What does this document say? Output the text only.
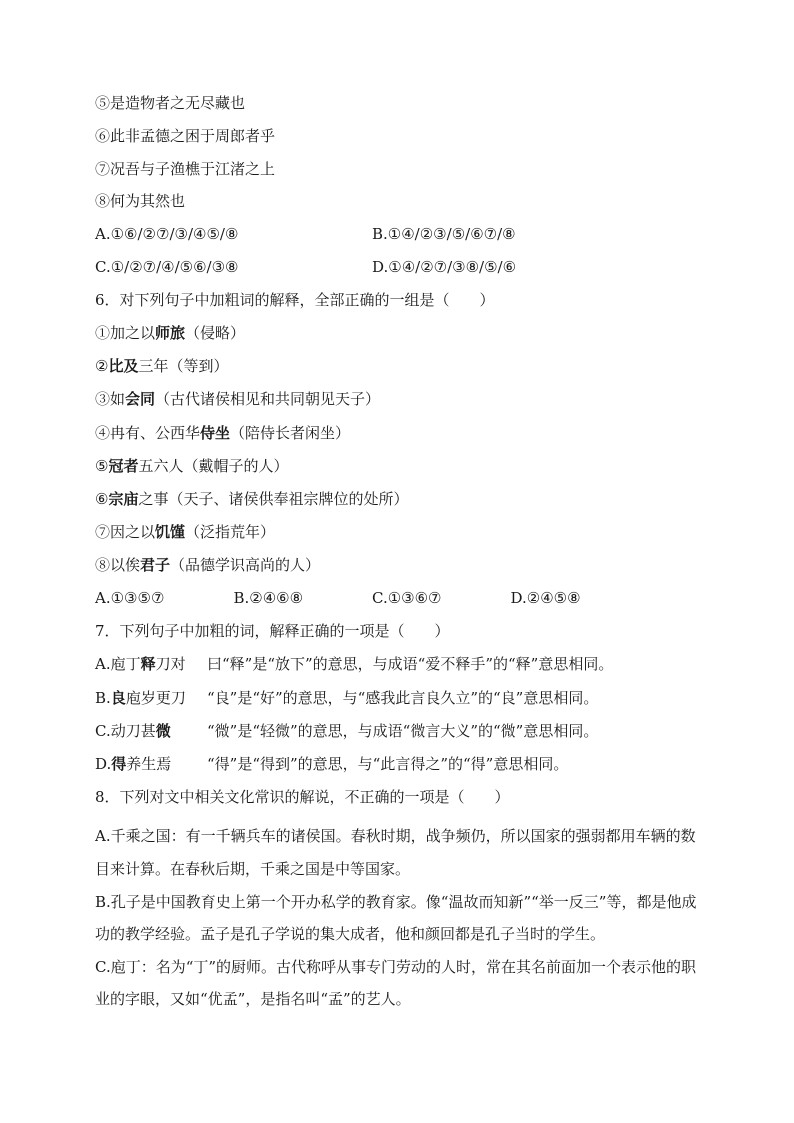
⑤是造物者之无尽藏也
⑥此非孟德之困于周郎者乎
⑦况吾与子渔樵于江渚之上
⑧何为其然也
A.①⑥/②⑦/③/④⑤/⑧	B.①④/②③/⑤/⑥⑦/⑧
C.①/②⑦/④/⑤⑥/③⑧	D.①④/②⑦/③⑧/⑤/⑥
6．对下列句子中加粗词的解释，全部正确的一组是（　　）
①加之以师旅（侵略）
②比及三年（等到）
③如会同（古代诸侯相见和共同朝见天子）
④冉有、公西华侍坐（陪侍长者闲坐）
⑤冠者五六人（戴帽子的人）
⑥宗庙之事（天子、诸侯供奉祖宗牌位的处所）
⑦因之以饥馑（泛指荒年）
⑧以俟君子（品德学识高尚的人）
A.①③⑤⑦	B.②④⑥⑧	C.①③⑥⑦	D.②④⑤⑧
7．下列句子中加粗的词，解释正确的一项是（　　）
A.庖丁释刀对	曰“释”是“放下”的意思，与成语“爱不释手”的“释”意思相同。
B.良庖岁更刀	“良”是“好”的意思，与“感我此言良久立”的“良”意思相同。
C.动刀甚微	“微”是“轻微”的意思，与成语“微言大义”的“微”意思相同。
D.得养生焉	“得”是“得到”的意思，与“此言得之”的“得”意思相同。
8．下列对文中相关文化常识的解说，不正确的一项是（　　）
A.千乘之国：有一千辆兵车的诸侯国。春秋时期，战争频仍，所以国家的强弱都用车辆的数目来计算。在春秋后期，千乘之国是中等国家。
B.孔子是中国教育史上第一个开办私学的教育家。像“温故而知新”“举一反三”等，都是他成功的教学经验。孟子是孔子学说的集大成者，他和颜回都是孔子当时的学生。
C.庖丁：名为“丁”的厨师。古代称呼从事专门劳动的人时，常在其名前面加一个表示他的职业的字眼，又如“优孟”，是指名叫“孟”的艺人。
